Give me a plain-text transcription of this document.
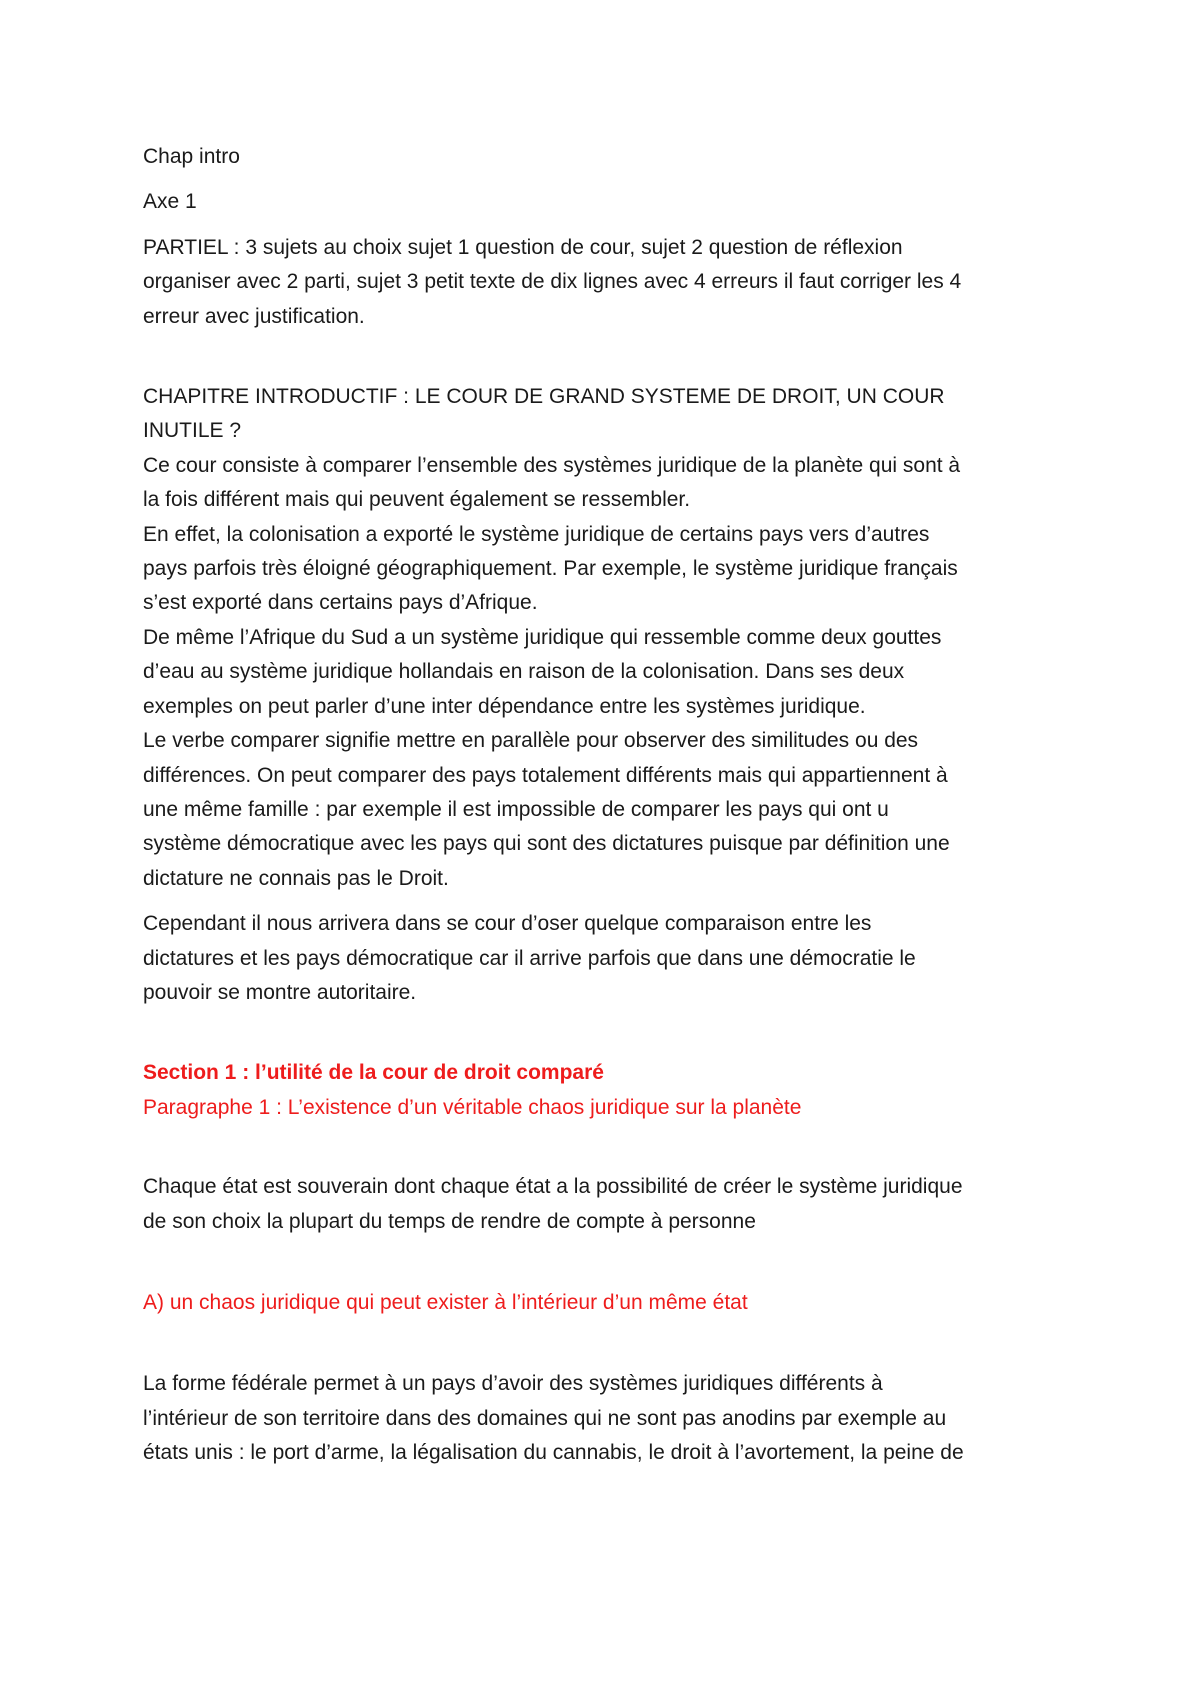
Chap intro

Axe 1

PARTIEL : 3 sujets au choix sujet 1 question de cour, sujet 2 question de réflexion
organiser avec 2 parti, sujet 3 petit texte de dix lignes avec 4 erreurs il faut corriger les 4
erreur avec justification.

CHAPITRE INTRODUCTIF : LE COUR DE GRAND SYSTEME DE DROIT, UN COUR
INUTILE ?

Ce cour consiste à comparer l’ensemble des systèmes juridique de la planète qui sont à
la fois différent mais qui peuvent également se ressembler.
En effet, la colonisation a exporté le système juridique de certains pays vers d’autres
pays parfois très éloigné géographiquement. Par exemple, le système juridique français
s’est exporté dans certains pays d’Afrique.
De même l’Afrique du Sud a un système juridique qui ressemble comme deux gouttes
d’eau au système juridique hollandais en raison de la colonisation. Dans ses deux
exemples on peut parler d’une inter dépendance entre les systèmes juridique.
Le verbe comparer signifie mettre en parallèle pour observer des similitudes ou des
différences. On peut comparer des pays totalement différents mais qui appartiennent à
une même famille : par exemple il est impossible de comparer les pays qui ont u
système démocratique avec les pays qui sont des dictatures puisque par définition une
dictature ne connais pas le Droit.

Cependant il nous arrivera dans se cour d’oser quelque comparaison entre les
dictatures et les pays démocratique car il arrive parfois que dans une démocratie le
pouvoir se montre autoritaire.

Section 1 : l’utilité de la cour de droit comparé

Paragraphe 1 : L’existence d’un véritable chaos juridique sur la planète

Chaque état est souverain dont chaque état a la possibilité de créer le système juridique
de son choix la plupart du temps de rendre de compte à personne

A) un chaos juridique qui peut exister à l’intérieur d’un même état

La forme fédérale permet à un pays d’avoir des systèmes juridiques différents à
l’intérieur de son territoire dans des domaines qui ne sont pas anodins par exemple au
états unis : le port d’arme, la légalisation du cannabis, le droit à l’avortement, la peine de
